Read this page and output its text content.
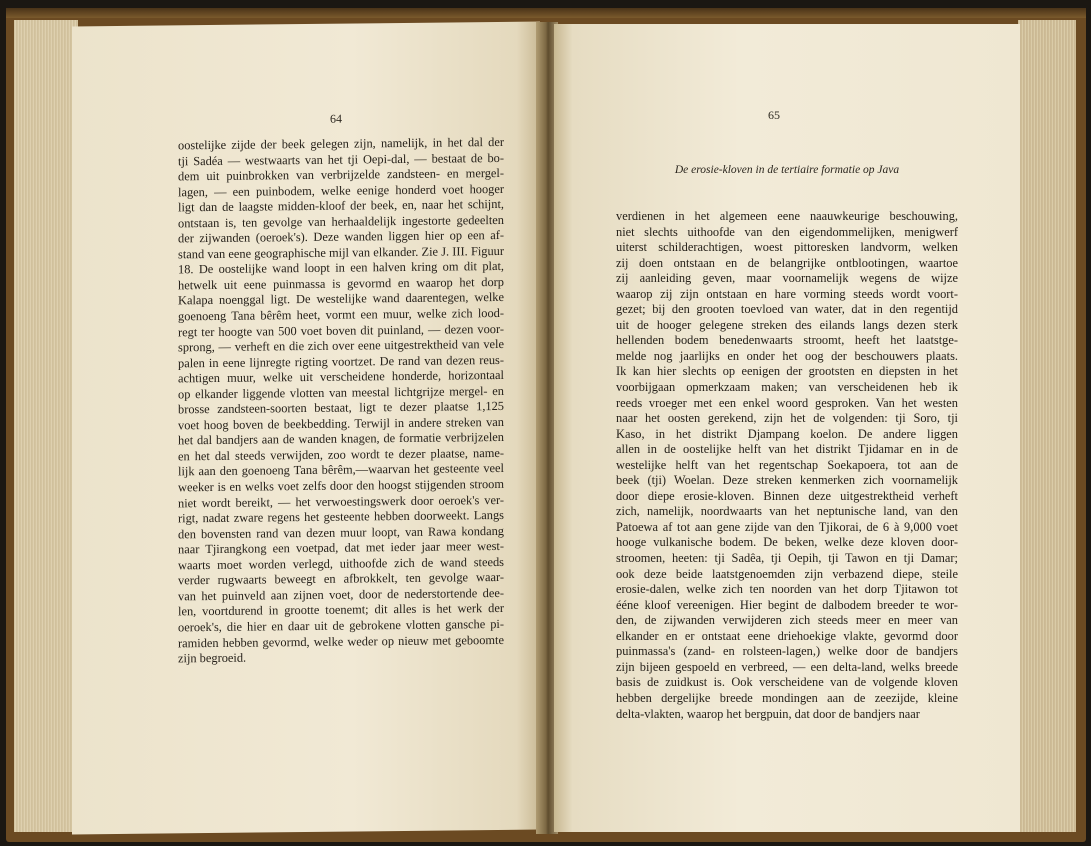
64
oostelijke zijde der beek gelegen zijn, namelijk, in het dal der
tji Sadéa — westwaarts van het tji Oepi-dal, — bestaat de bo-
dem uit puinbrokken van verbrijzelde zandsteen- en mergel-
lagen, — een puinbodem, welke eenige honderd voet hooger
ligt dan de laagste midden-kloof der beek, en, naar het schijnt,
ontstaan is, ten gevolge van herhaaldelijk ingestorte gedeelten
der zijwanden (oeroek's). Deze wanden liggen hier op een af-
stand van eene geographische mijl van elkander. Zie J. III. Figuur
18. De oostelijke wand loopt in een halven kring om dit plat,
hetwelk uit eene puinmassa is gevormd en waarop het dorp
Kalapa noenggal ligt. De westelijke wand daarentegen, welke
goenoeng Tana bêrêm heet, vormt een muur, welke zich lood-
regt ter hoogte van 500 voet boven dit puinland, — dezen voor-
sprong, — verheft en die zich over eene uitgestrektheid van vele
palen in eene lijnregte rigting voortzet. De rand van dezen reus-
achtigen muur, welke uit verscheidene honderde, horizontaal
op elkander liggende vlotten van meestal lichtgrijze mergel- en
brosse zandsteen-soorten bestaat, ligt te dezer plaatse 1,125
voet hoog boven de beekbedding. Terwijl in andere streken van
het dal bandjers aan de wanden knagen, de formatie verbrijzelen
en het dal steeds verwijden, zoo wordt te dezer plaatse, name-
lijk aan den goenoeng Tana bêrêm,—waarvan het gesteente veel
weeker is en welks voet zelfs door den hoogst stijgenden stroom
niet wordt bereikt, — het verwoestingswerk door oeroek's ver-
rigt, nadat zware regens het gesteente hebben doorweekt. Langs
den bovensten rand van dezen muur loopt, van Rawa kondang
naar Tjirangkong een voetpad, dat met ieder jaar meer west-
waarts moet worden verlegd, uithoofde zich de wand steeds
verder rugwaarts beweegt en afbrokkelt, ten gevolge waar-
van het puinveld aan zijnen voet, door de nederstortende dee-
len, voortdurend in grootte toenemt; dit alles is het werk der
oeroek's, die hier en daar uit de gebrokene vlotten gansche pi-
ramiden hebben gevormd, welke weder op nieuw met geboomte
zijn begroeid.
65
De erosie-kloven in de tertiaire formatie op Java
verdienen in het algemeen eene naauwkeurige beschouwing,
niet slechts uithoofde van den eigendommelijken, menigwerf
uiterst schilderachtigen, woest pittoresken landvorm, welken
zij doen ontstaan en de belangrijke ontblootingen, waartoe
zij aanleiding geven, maar voornamelijk wegens de wijze
waarop zij zijn ontstaan en hare vorming steeds wordt voort-
gezet; bij den grooten toevloed van water, dat in den regentijd
uit de hooger gelegene streken des eilands langs dezen sterk
hellenden bodem benedenwaarts stroomt, heeft het laatstge-
melde nog jaarlijks en onder het oog der beschouwers plaats.
Ik kan hier slechts op eenigen der grootsten en diepsten in het
voorbijgaan opmerkzaam maken; van verscheidenen heb ik
reeds vroeger met een enkel woord gesproken. Van het westen
naar het oosten gerekend, zijn het de volgenden: tji Soro, tji
Kaso, in het distrikt Djampang koelon. De andere liggen
allen in de oostelijke helft van het distrikt Tjidamar en in de
westelijke helft van het regentschap Soekapoera, tot aan de
beek (tji) Woelan. Deze streken kenmerken zich voornamelijk
door diepe erosie-kloven. Binnen deze uitgestrektheid verheft
zich, namelijk, noordwaarts van het neptunische land, van den
Patoewa af tot aan gene zijde van den Tjikorai, de 6 à 9,000 voet
hooge vulkanische bodem. De beken, welke deze kloven door-
stroomen, heeten: tji Sadêa, tji Oepih, tji Tawon en tji Damar;
ook deze beide laatstgenoemden zijn verbazend diepe, steile
erosie-dalen, welke zich ten noorden van het dorp Tjitawon tot
ééne kloof vereenigen. Hier begint de dalbodem breeder te wor-
den, de zijwanden verwijderen zich steeds meer en meer van
elkander en er ontstaat eene driehoekige vlakte, gevormd door
puinmassa's (zand- en rolsteen-lagen,) welke door de bandjers
zijn bijeen gespoeld en verbreed, — een delta-land, welks breede
basis de zuidkust is. Ook verscheidene van de volgende kloven
hebben dergelijke breede mondingen aan de zeezijde, kleine
delta-vlakten, waarop het bergpuin, dat door de bandjers naar
